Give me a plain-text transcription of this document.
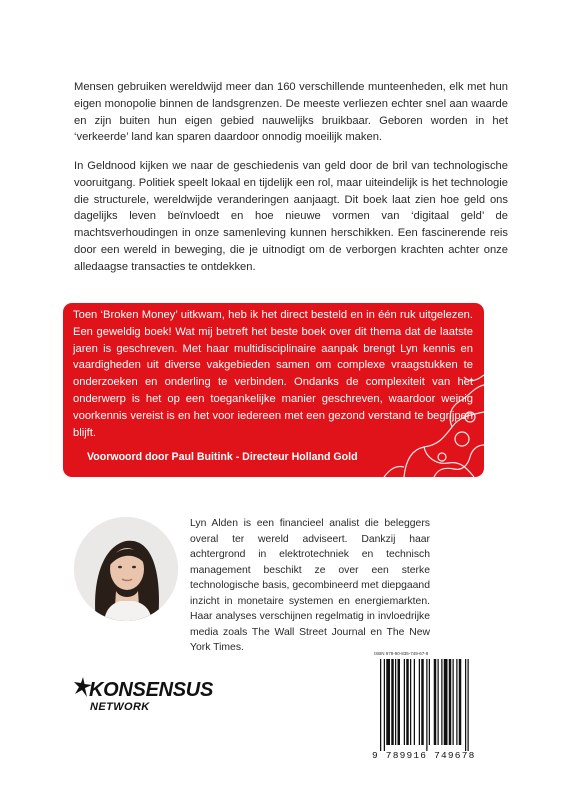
Mensen gebruiken wereldwijd meer dan 160 verschillende munteenheden, elk met hun eigen monopolie binnen de landsgrenzen. De meeste verliezen echter snel aan waarde en zijn buiten hun eigen gebied nauwelijks bruikbaar. Geboren worden in het ‘verkeerde’ land kan sparen daardoor onnodig moeilijk maken.

In Geldnood kijken we naar de geschiedenis van geld door de bril van technologische vooruitgang. Politiek speelt lokaal en tijdelijk een rol, maar uiteindelijk is het technologie die structurele, wereldwijde veranderingen aanjaagt. Dit boek laat zien hoe geld ons dagelijks leven beïnvloedt en hoe nieuwe vormen van ‘digitaal geld’ de machtsverhoudingen in onze samenleving kunnen herschikken. Een fascinerende reis door een wereld in beweging, die je uitnodigt om de verborgen krachten achter onze alledaagse transacties te ontdekken.

Toen ‘Broken Money’ uitkwam, heb ik het direct besteld en in één ruk uitgelezen. Een geweldig boek! Wat mij betreft het beste boek over dit thema dat de laatste jaren is geschreven. Met haar multidisciplinaire aanpak brengt Lyn kennis en vaardigheden uit diverse vakgebieden samen om complexe vraagstukken te onderzoeken en onderling te verbinden. Ondanks de complexiteit van het onderwerp is het op een toegankelijke manier geschreven, waardoor weinig voorkennis vereist is en het voor iedereen met een gezond verstand te begrijpen blijft.

Voorwoord door Paul Buitink - Directeur Holland Gold

Lyn Alden is een financieel analist die beleggers overal ter wereld adviseert. Dankzij haar achtergrond in elektrotechniek en technisch management beschikt ze over een sterke technologische basis, gecombineerd met diepgaand inzicht in monetaire systemen en energiemarkten. Haar analyses verschijnen regelmatig in invloedrijke media zoals The Wall Street Journal en The New York Times.

KONSENSUS
NETWORK
ISBN 978-90-835-749-67-8
9 789916 749678
